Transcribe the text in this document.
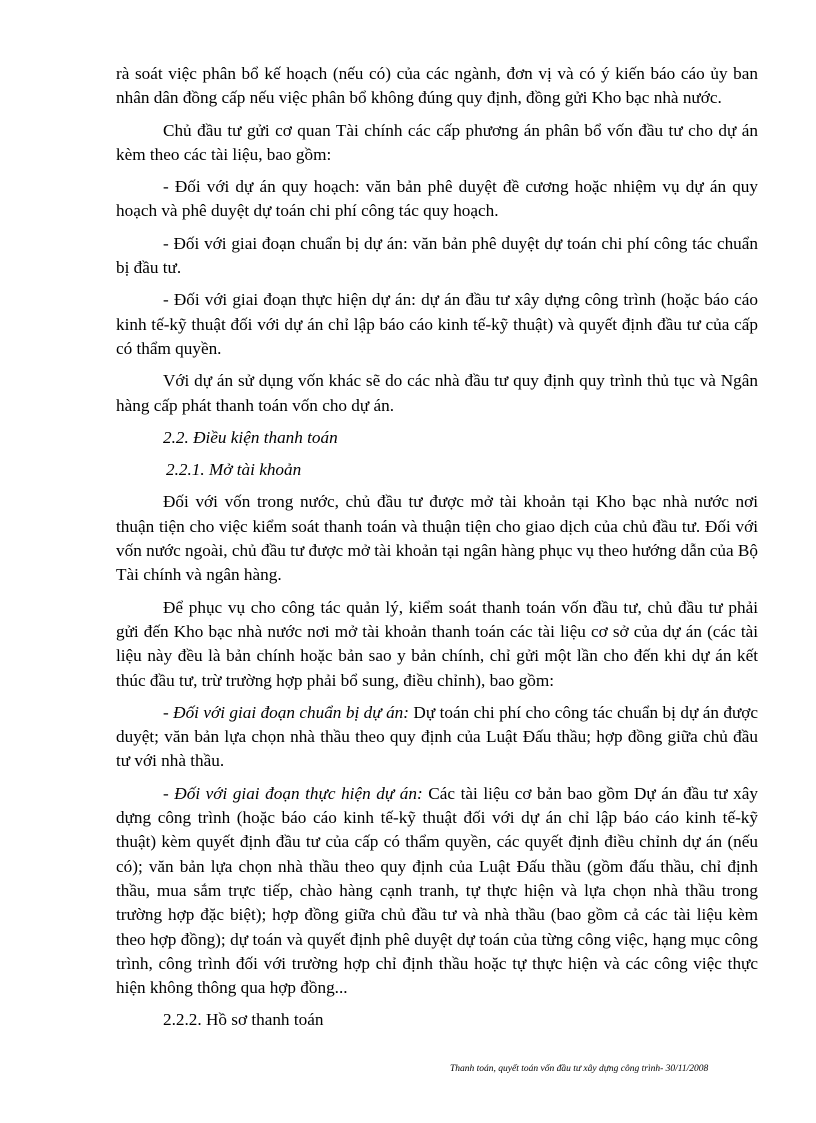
rà soát việc phân bổ kế hoạch (nếu có) của các ngành, đơn vị và có ý kiến báo cáo ủy ban nhân dân đồng cấp nếu việc phân bổ không đúng quy định, đồng gửi Kho bạc nhà nước.

Chủ đầu tư gửi cơ quan Tài chính các cấp phương án phân bổ vốn đầu tư cho dự án kèm theo các tài liệu, bao gồm:

- Đối với dự án quy hoạch: văn bản phê duyệt đề cương hoặc nhiệm vụ dự án quy hoạch và phê duyệt dự toán chi phí công tác quy hoạch.

- Đối với giai đoạn chuẩn bị dự án: văn bản phê duyệt dự toán chi phí công tác chuẩn bị đầu tư.

- Đối với giai đoạn thực hiện dự án: dự án đầu tư xây dựng công trình (hoặc báo cáo kinh tế-kỹ thuật đối với dự án chỉ lập báo cáo kinh tế-kỹ thuật) và quyết định đầu tư của cấp có thẩm quyền.

Với dự án sử dụng vốn khác sẽ do các nhà đầu tư quy định quy trình thủ tục và Ngân hàng cấp phát thanh toán vốn cho dự án.

2.2. Điều kiện thanh toán

2.2.1. Mở tài khoản

Đối với vốn trong nước, chủ đầu tư được mở tài khoản tại Kho bạc nhà nước nơi thuận tiện cho việc kiểm soát thanh toán và thuận tiện cho giao dịch của chủ đầu tư. Đối với vốn nước ngoài, chủ đầu tư được mở tài khoản tại ngân hàng phục vụ theo hướng dẫn của Bộ Tài chính và ngân hàng.

Để phục vụ cho công tác quản lý, kiểm soát thanh toán vốn đầu tư, chủ đầu tư phải gửi đến Kho bạc nhà nước nơi mở tài khoản thanh toán các tài liệu cơ sở của dự án (các tài liệu này đều là bản chính hoặc bản sao y bản chính, chỉ gửi một lần cho đến khi dự án kết thúc đầu tư, trừ trường hợp phải bổ sung, điều chỉnh), bao gồm:

- Đối với giai đoạn chuẩn bị dự án: Dự toán chi phí cho công tác chuẩn bị dự án được duyệt; văn bản lựa chọn nhà thầu theo quy định của Luật Đấu thầu; hợp đồng giữa chủ đầu tư với nhà thầu.

- Đối với giai đoạn thực hiện dự án: Các tài liệu cơ bản bao gồm Dự án đầu tư xây dựng công trình (hoặc báo cáo kinh tế-kỹ thuật đối với dự án chỉ lập báo cáo kinh tế-kỹ thuật) kèm quyết định đầu tư của cấp có thẩm quyền, các quyết định điều chỉnh dự án (nếu có); văn bản lựa chọn nhà thầu theo quy định của Luật Đấu thầu (gồm đấu thầu, chỉ định thầu, mua sắm trực tiếp, chào hàng cạnh tranh, tự thực hiện và lựa chọn nhà thầu trong trường hợp đặc biệt); hợp đồng giữa chủ đầu tư và nhà thầu (bao gồm cả các tài liệu kèm theo hợp đồng); dự toán và quyết định phê duyệt dự toán của từng công việc, hạng mục công trình, công trình đối với trường hợp chỉ định thầu hoặc tự thực hiện và các công việc thực hiện không thông qua hợp đồng...

2.2.2. Hồ sơ thanh toán

Thanh toán, quyết toán vốn đầu tư xây dựng công trình- 30/11/2008
